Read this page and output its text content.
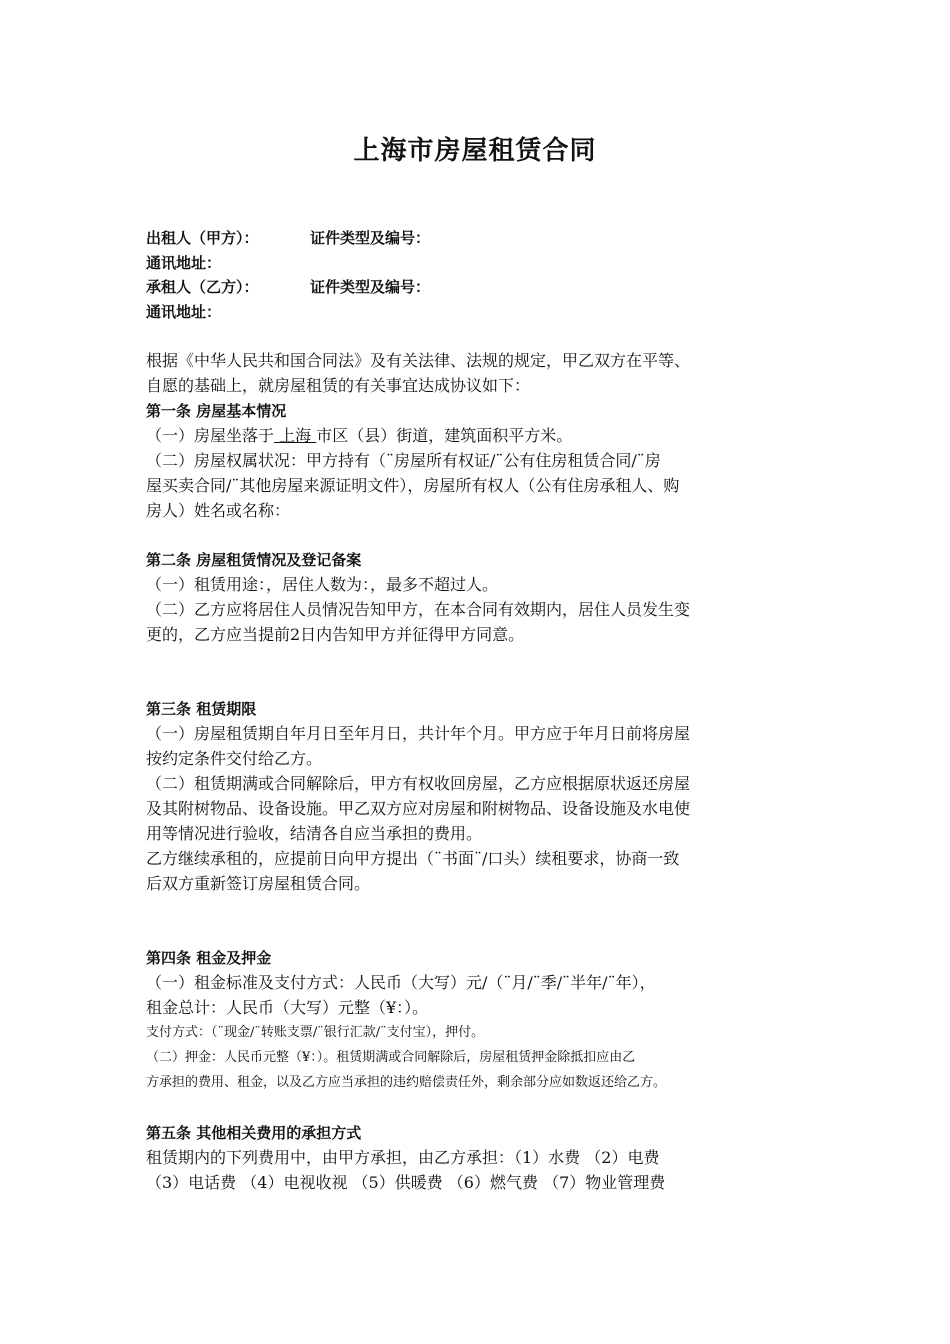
上海市房屋租赁合同
出租人（甲方）：	证件类型及编号：
通讯地址：
承租人（乙方）：	证件类型及编号：
通讯地址：
根据《中华人民共和国合同法》及有关法律、法规的规定，甲乙双方在平等、
自愿的基础上，就房屋租赁的有关事宜达成协议如下：
第一条 房屋基本情况
（一）房屋坐落于 上海 市区（县）街道，建筑面积平方米。
（二）房屋权属状况：甲方持有（¨房屋所有权证/¨公有住房租赁合同/¨房
屋买卖合同/¨其他房屋来源证明文件），房屋所有权人（公有住房承租人、购
房人）姓名或名称：
第二条 房屋租赁情况及登记备案
（一）租赁用途：，居住人数为：，最多不超过人。
（二）乙方应将居住人员情况告知甲方，在本合同有效期内，居住人员发生变
更的，乙方应当提前2日内告知甲方并征得甲方同意。
第三条 租赁期限
（一）房屋租赁期自年月日至年月日，共计年个月。甲方应于年月日前将房屋
按约定条件交付给乙方。
（二）租赁期满或合同解除后，甲方有权收回房屋，乙方应根据原状返还房屋
及其附树物品、设备设施。甲乙双方应对房屋和附树物品、设备设施及水电使
用等情况进行验收，结清各自应当承担的费用。
乙方继续承租的，应提前日向甲方提出（¨书面¨/口头）续租要求，协商一致
后双方重新签订房屋租赁合同。
第四条 租金及押金
（一）租金标准及支付方式：人民币（大写）元/（¨月/¨季/¨半年/¨年），
租金总计：人民币（大写）元整（¥：）。
支付方式：（¨现金/¨转账支票/¨银行汇款/¨支付宝），押付。
（二）押金：人民币元整（¥：）。租赁期满或合同解除后，房屋租赁押金除抵扣应由乙
方承担的费用、租金，以及乙方应当承担的违约赔偿责任外，剩余部分应如数返还给乙方。
第五条 其他相关费用的承担方式
租赁期内的下列费用中，由甲方承担，由乙方承担：（1）水费 （2）电费
（3）电话费 （4）电视收视 （5）供暖费 （6）燃气费 （7）物业管理费
